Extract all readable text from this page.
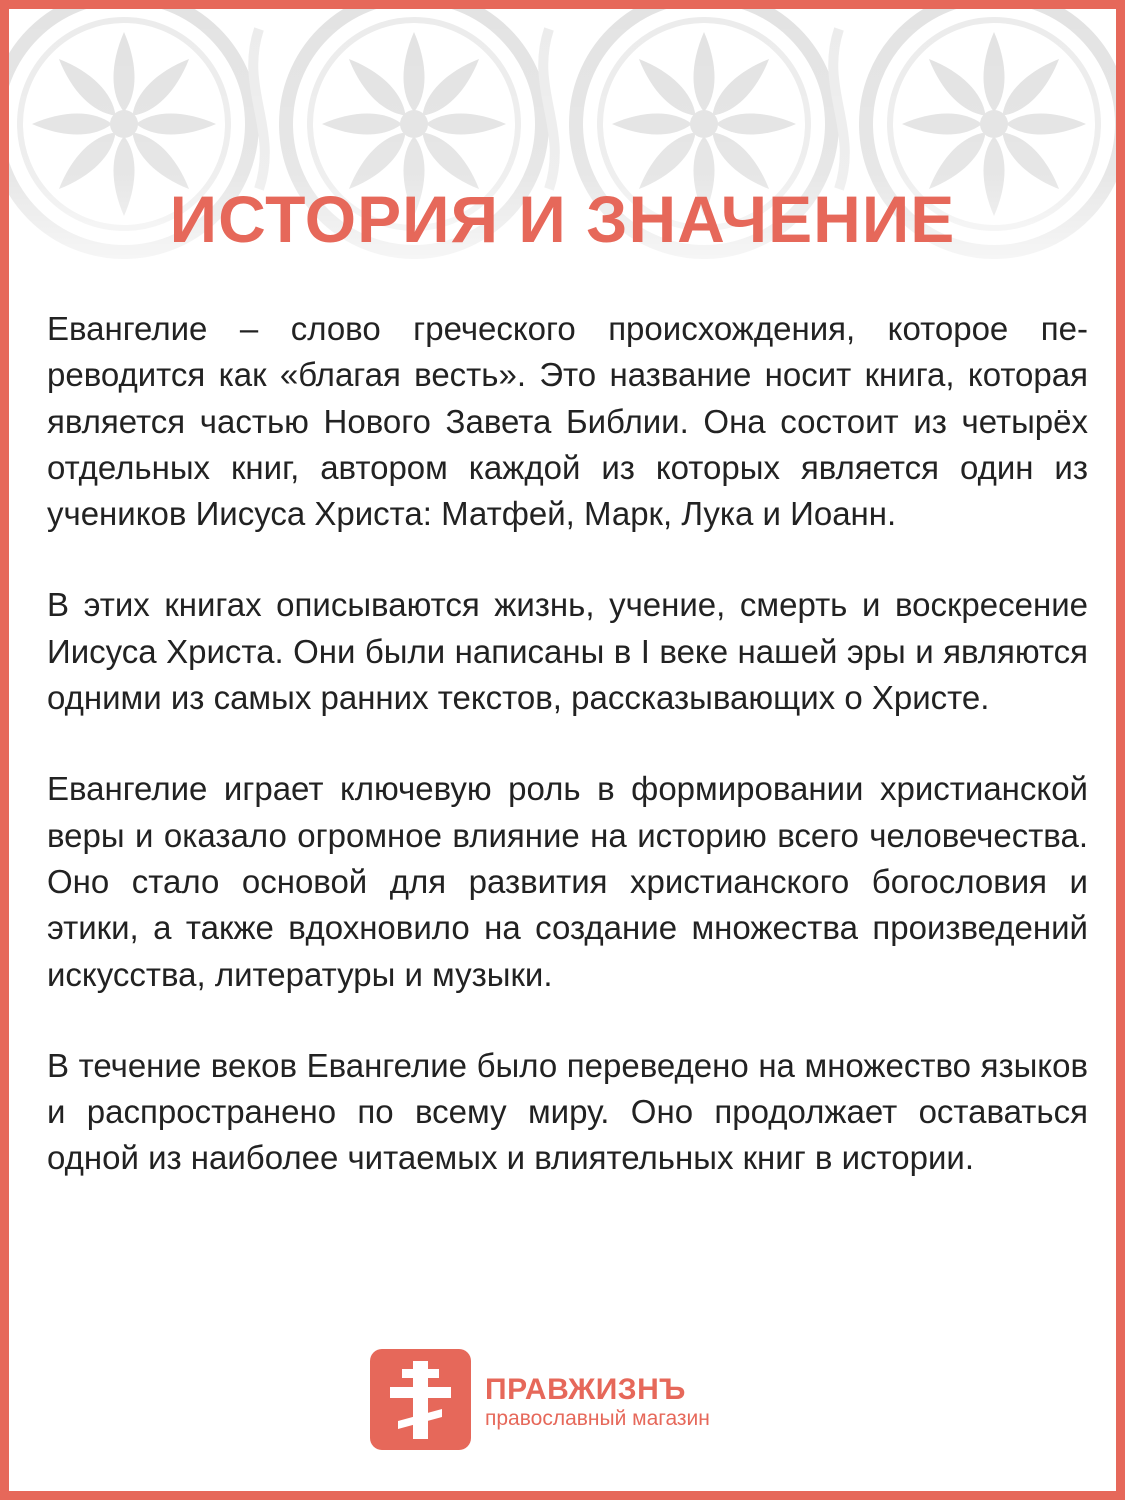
ИСТОРИЯ И ЗНАЧЕНИЕ

Евангелие – слово греческого происхождения, которое переводится как «благая весть». Это название носит книга, которая является частью Нового Завета Библии. Она состоит из четырёх отдельных книг, автором каждой из которых является один из учеников Иисуса Христа: Матфей, Марк, Лука и Иоанн.

В этих книгах описываются жизнь, учение, смерть и воскресение Иисуса Христа. Они были написаны в I веке нашей эры и являются одними из самых ранних текстов, рассказывающих о Христе.

Евангелие играет ключевую роль в формировании христианской веры и оказало огромное влияние на историю всего человечества. Оно стало основой для развития христианского богословия и этики, а также вдохновило на создание множества произведений искусства, литературы и музыки.

В течение веков Евангелие было переведено на множество языков и распространено по всему миру. Оно продолжает оставаться одной из наиболее читаемых и влиятельных книг в истории.

ПРАВЖИЗНЪ
православный магазин
